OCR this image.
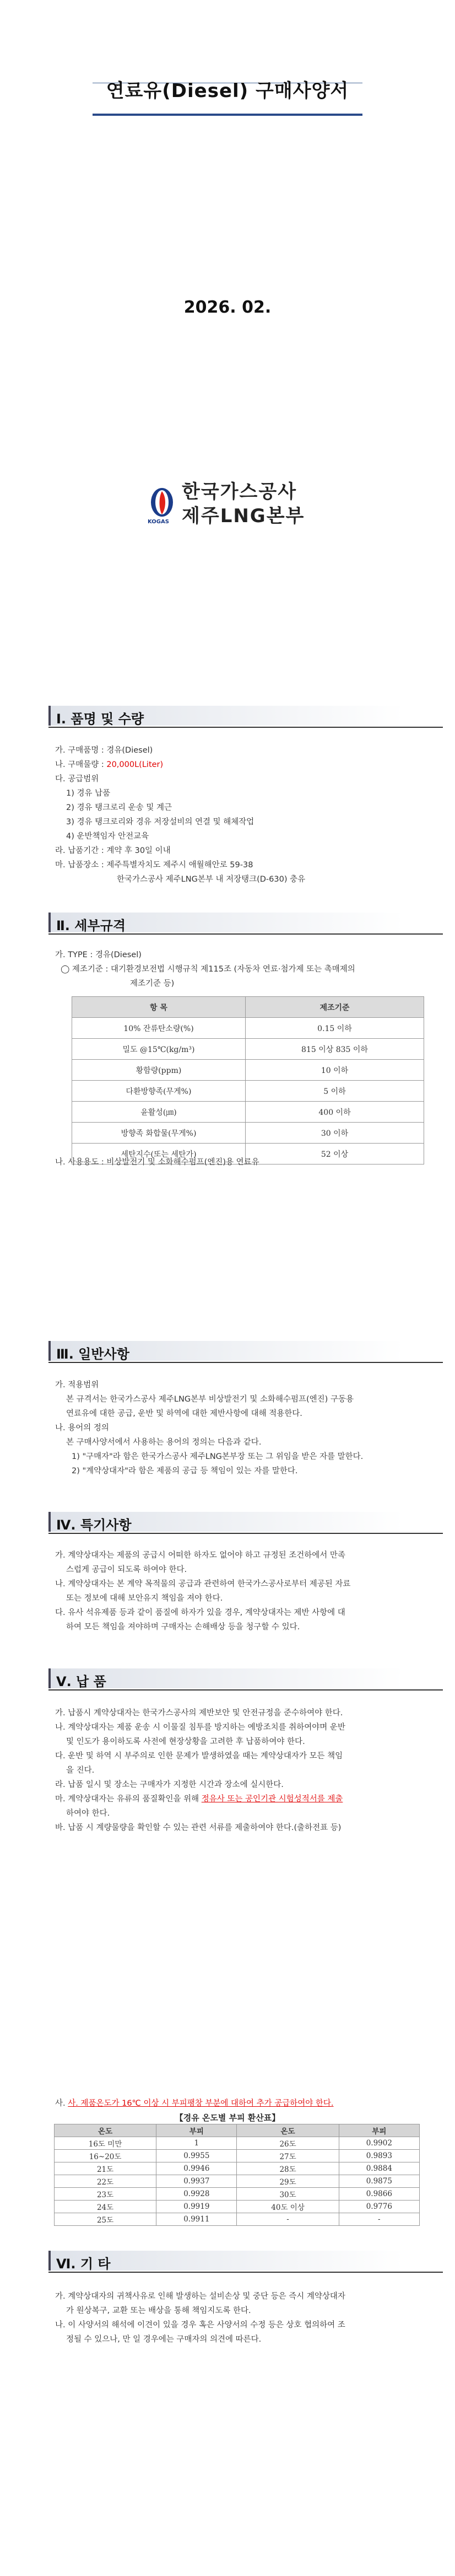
연료유(Diesel) 구매사양서
2026. 02.
KOGAS
한국가스공사
제주LNG본부
Ⅰ. 품명 및 수량
가. 구매품명 : 경유(Diesel)
나. 구매물량 : 20,000L(Liter)
다. 공급범위
1) 경유 납품
2) 경유 탱크로리 운송 및 계근
3) 경유 탱크로리와 경유 저장설비의 연결 및 해체작업
4) 운반책임자 안전교육
라. 납품기간 : 계약 후 30일 이내
마. 납품장소 : 제주특별자치도 제주시 애월해안로 59-38
한국가스공사 제주LNG본부 내 저장탱크(D-630) 충유
Ⅱ. 세부규격
가. TYPE : 경유(Diesel)
◯ 제조기준 : 대기환경보전법 시행규칙 제115조 (자동차 연료·첨가제 또는 촉매제의
제조기준 등)
항 목	제조기준
10% 잔류탄소량(%)	0.15 이하
밀도 @15℃(kg/m³)	815 이상 835 이하
황함량(ppm)	10 이하
다환방향족(무게%)	5 이하
윤활성(㎛)	400 이하
방향족 화합물(무게%)	30 이하
세탄지수(또는 세탄가)	52 이상
나. 사용용도 : 비상발전기 및 소화해수펌프(엔진)용 연료유
Ⅲ. 일반사항
가. 적용범위
본 규격서는 한국가스공사 제주LNG본부 비상발전기 및 소화해수펌프(엔진) 구동용
연료유에 대한 공급, 운반 및 하역에 대한 제반사항에 대해 적용한다.
나. 용어의 정의
본 구매사양서에서 사용하는 용어의 정의는 다음과 같다.
1) "구매자"라 함은 한국가스공사 제주LNG본부장 또는 그 위임을 받은 자를 말한다.
2) "계약상대자"라 함은 제품의 공급 등 책임이 있는 자를 말한다.
Ⅳ. 특기사항
가. 계약상대자는 제품의 공급시 어떠한 하자도 없어야 하고 규정된 조건하에서 만족
스럽게 공급이 되도록 하여야 한다.
나. 계약상대자는 본 계약 목적물의 공급과 관련하여 한국가스공사로부터 제공된 자료
또는 정보에 대해 보안유지 책임을 져야 한다.
다. 유사 석유제품 등과 같이 품질에 하자가 있을 경우, 계약상대자는 제반 사항에 대
하여 모든 책임을 져야하며 구매자는 손해배상 등을 청구할 수 있다.
Ⅴ. 납 품
가. 납품시 계약상대자는 한국가스공사의 제반보안 및 안전규정을 준수하여야 한다.
나. 계약상대자는 제품 운송 시 이물질 침투를 방지하는 예방조치를 취하여야며 운반
및 인도가 용이하도록 사전에 현장상황을 고려한 후 납품하여야 한다.
다. 운반 및 하역 시 부주의로 인한 문제가 발생하였을 때는 계약상대자가 모든 책임
을 진다.
라. 납품 일시 및 장소는 구매자가 지정한 시간과 장소에 실시한다.
마. 계약상대자는 유류의 품질확인을 위해 정유사 또는 공인기관 시험성적서를 제출
하여야 한다.
바. 납품 시 계량물량을 확인할 수 있는 관련 서류를 제출하여야 한다.(출하전표 등)
사. 사. 제품온도가 16℃ 이상 시 부피팽창 부분에 대하여 추가 공급하여야 한다.
【경유 온도별 부피 환산표】
온도	부피	온도	부피
16도 미만	1	26도	0.9902
16~20도	0.9955	27도	0.9893
21도	0.9946	28도	0.9884
22도	0.9937	29도	0.9875
23도	0.9928	30도	0.9866
24도	0.9919	40도 이상	0.9776
25도	0.9911	-	-
Ⅵ. 기 타
가. 계약상대자의 귀책사유로 인해 발생하는 설비손상 및 중단 등은 즉시 계약상대자
가 원상복구, 교환 또는 배상을 통해 책임지도록 한다.
나. 이 사양서의 해석에 이견이 있을 경우 혹은 사양서의 수정 등은 상호 협의하여 조
정될 수 있으나, 만 일 경우에는 구매자의 의견에 따른다.
